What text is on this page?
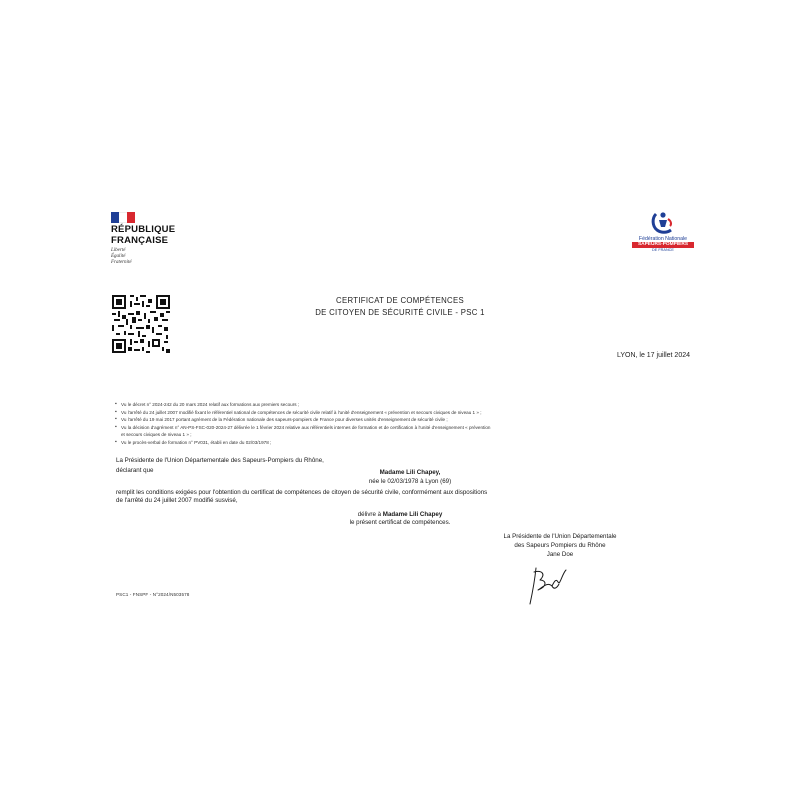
RÉPUBLIQUE
FRANÇAISE
Liberté
Égalité
Fraternité
Fédération Nationale
SAPEURS-POMPIERS
DE FRANCE
CERTIFICAT DE COMPÉTENCES
DE CITOYEN DE SÉCURITÉ CIVILE - PSC 1
LYON, le 17 juillet 2024
▪ Vu le décret n° 2024-242 du 20 mars 2024 relatif aux formations aux premiers secours ;
▪ Vu l'arrêté du 24 juillet 2007 modifié fixant le référentiel national de compétences de sécurité civile relatif à l'unité d'enseignement « prévention et secours civiques de niveau 1 » ;
▪ Vu l'arrêté du 19 mai 2017 portant agrément de la Fédération nationale des sapeurs-pompiers de France pour diverses unités d'enseignement de sécurité civile ;
▪ Vu la décision d'agrément n° AN-PS-FSC-020-2024-27 délivrée le 1 février 2024 relative aux référentiels internes de formation et de certification à l'unité d'enseignement « prévention
et secours civiques de niveau 1 » ;
▪ Vu le procès-verbal de formation n° PV031, établi en date du 02/03/1978 ;
La Présidente de l'Union Départementale des Sapeurs-Pompiers du Rhône,
déclarant que	Madame Lili Chapey,
née le 02/03/1978 à Lyon (69)
remplit les conditions exigées pour l'obtention du certificat de compétences de citoyen de sécurité civile, conformément aux dispositions
de l'arrêté du 24 juillet 2007 modifié susvisé,
délivre à Madame Lili Chapey
le présent certificat de compétences.
La Présidente de l'Union Départementale
des Sapeurs Pompiers du Rhône
Jane Doe
PSC1 - FNSPF - N°2024/N503578
